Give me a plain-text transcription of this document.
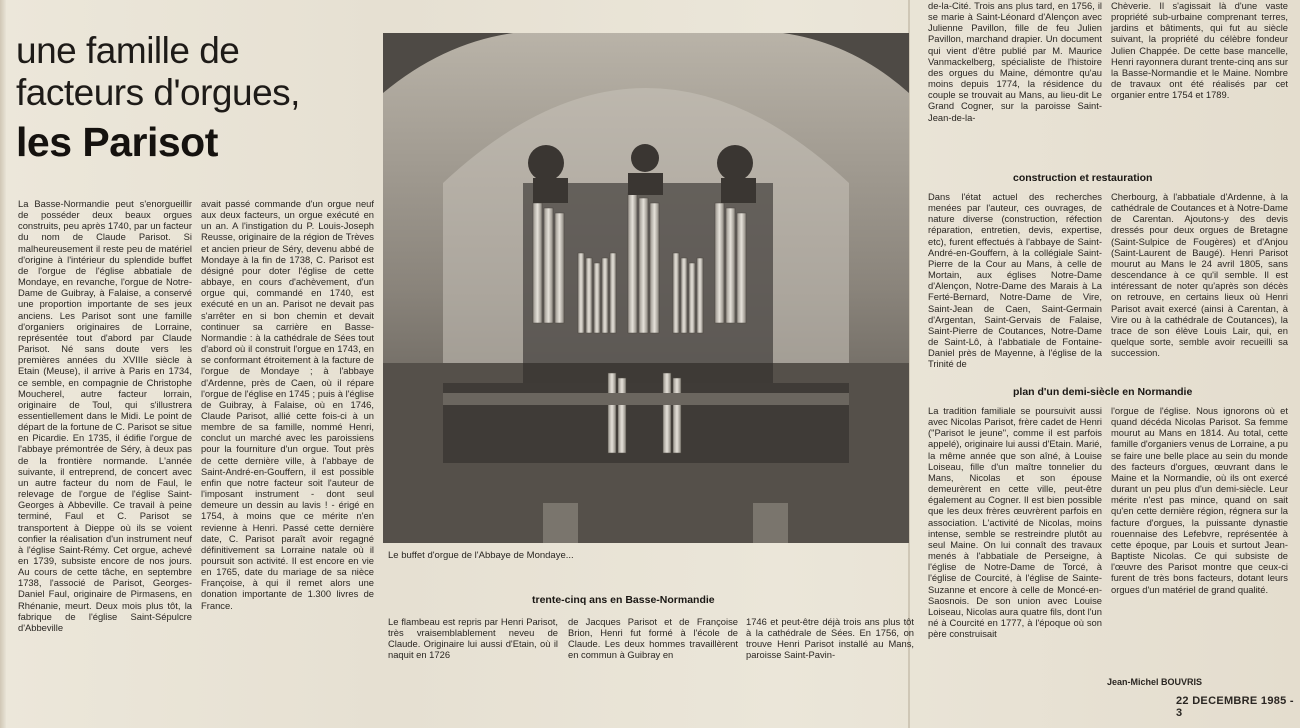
une famille de
facteurs d'orgues,
les Parisot

La Basse-Normandie peut s'enorgueillir de posséder deux beaux orgues construits, peu après 1740, par un facteur du nom de Claude Parisot. Si malheureusement il reste peu de matériel d'origine à l'intérieur du splendide buffet de l'orgue de l'église abbatiale de Mondaye, en revanche, l'orgue de Notre-Dame de Guibray, à Falaise, a conservé une proportion importante de ses jeux anciens. Les Parisot sont une famille d'organiers originaires de Lorraine, représentée tout d'abord par Claude Parisot. Né sans doute vers les premières années du XVIIIe siècle à Etain (Meuse), il arrive à Paris en 1734, ce semble, en compagnie de Christophe Moucherel, autre facteur lorrain, originaire de Toul, qui s'illustrera essentiellement dans le Midi. Le point de départ de la fortune de C. Parisot se situe en Picardie. En 1735, il édifie l'orgue de l'abbaye prémontrée de Séry, à deux pas de la frontière normande. L'année suivante, il entreprend, de concert avec un autre facteur du nom de Faul, le relevage de l'orgue de l'église Saint-Georges à Abbeville. Ce travail à peine terminé, Faul et C. Parisot se transportent à Dieppe où ils se voient confier la réalisation d'un instrument neuf à l'église Saint-Rémy. Cet orgue, achevé en 1739, subsiste encore de nos jours. Au cours de cette tâche, en septembre 1738, l'associé de Parisot, Georges-Daniel Faul, originaire de Pirmasens, en Rhénanie, meurt. Deux mois plus tôt, la fabrique de l'église Saint-Sépulcre d'Abbeville

avait passé commande d'un orgue neuf aux deux facteurs, un orgue exécuté en un an. A l'instigation du P. Louis-Joseph Reusse, originaire de la région de Trèves et ancien prieur de Séry, devenu abbé de Mondaye à la fin de 1738, C. Parisot est désigné pour doter l'église de cette abbaye, en cours d'achèvement, d'un orgue qui, commandé en 1740, est exécuté en un an. Parisot ne devait pas s'arrêter en si bon chemin et devait continuer sa carrière en Basse-Normandie : à la cathédrale de Sées tout d'abord où il construit l'orgue en 1743, en se conformant étroitement à la facture de l'orgue de Mondaye ; à l'abbaye d'Ardenne, près de Caen, où il répare l'orgue de l'église en 1745 ; puis à l'église de Guibray, à Falaise, où en 1746, Claude Parisot, allié cette fois-ci à un membre de sa famille, nommé Henri, conclut un marché avec les paroissiens pour la fourniture d'un orgue. Tout près de cette dernière ville, à l'abbaye de Saint-André-en-Gouffern, il est possible enfin que notre facteur soit l'auteur de l'imposant instrument - dont seul demeure un dessin au lavis ! - érigé en 1754, à moins que ce mérite n'en revienne à Henri. Passé cette dernière date, C. Parisot paraît avoir regagné définitivement sa Lorraine natale où il poursuit son activité. Il est encore en vie en 1765, date du mariage de sa nièce Françoise, à qui il remet alors une donation importante de 1.300 livres de France.

Le buffet d'orgue de l'Abbaye de Mondaye...

trente-cinq ans en Basse-Normandie

Le flambeau est repris par Henri Parisot, très vraisemblablement neveu de Claude. Originaire lui aussi d'Etain, où il naquit en 1726

de Jacques Parisot et de Françoise Brion, Henri fut formé à l'école de Claude. Les deux hommes travaillèrent en commun à Guibray en

1746 et peut-être déjà trois ans plus tôt à la cathédrale de Sées. En 1756, on trouve Henri Parisot installé au Mans, paroisse Saint-Pavin-

de-la-Cité. Trois ans plus tard, en 1756, il se marie à Saint-Léonard d'Alençon avec Julienne Pavillon, fille de feu Julien Pavillon, marchand drapier. Un document qui vient d'être publié par M. Maurice Vanmackelberg, spécialiste de l'histoire des orgues du Maine, démontre qu'au moins depuis 1774, la résidence du couple se trouvait au Mans, au lieu-dit Le Grand Cogner, sur la paroisse Saint-Jean-de-la-

Chèverie. Il s'agissait là d'une vaste propriété sub-urbaine comprenant terres, jardins et bâtiments, qui fut au siècle suivant, la propriété du célèbre fondeur Julien Chappée. De cette base mancelle, Henri rayonnera durant trente-cinq ans sur la Basse-Normandie et le Maine. Nombre de travaux ont été réalisés par cet organier entre 1754 et 1789.

construction et restauration

Dans l'état actuel des recherches menées par l'auteur, ces ouvrages, de nature diverse (construction, réfection réparation, entretien, devis, expertise, etc), furent effectués à l'abbaye de Saint-André-en-Gouffern, à la collégiale Saint-Pierre de la Cour au Mans, à celle de Mortain, aux églises Notre-Dame d'Alençon, Notre-Dame des Marais à La Ferté-Bernard, Notre-Dame de Vire, Saint-Jean de Caen, Saint-Germain d'Argentan, Saint-Gervais de Falaise, Saint-Pierre de Coutances, Notre-Dame de Saint-Lô, à l'abbatiale de Fontaine-Daniel près de Mayenne, à l'église de la Trinité de

Cherbourg, à l'abbatiale d'Ardenne, à la cathédrale de Coutances et à Notre-Dame de Carentan. Ajoutons-y des devis dressés pour deux orgues de Bretagne (Saint-Sulpice de Fougères) et d'Anjou (Saint-Laurent de Baugé). Henri Parisot mourut au Mans le 24 avril 1805, sans descendance à ce qu'il semble. Il est intéressant de noter qu'après son décès on retrouve, en certains lieux où Henri Parisot avait exercé (ainsi à Carentan, à Vire ou à la cathédrale de Coutances), la trace de son élève Louis Lair, qui, en quelque sorte, semble avoir recueilli sa succession.

plan d'un demi-siècle en Normandie

La tradition familiale se poursuivit aussi avec Nicolas Parisot, frère cadet de Henri ("Parisot le jeune", comme il est parfois appelé), originaire lui aussi d'Etain. Marié, la même année que son aîné, à Louise Loiseau, fille d'un maître tonnelier du Mans, Nicolas et son épouse demeurèrent en cette ville, peut-être également au Cogner. Il est bien possible que les deux frères œuvrèrent parfois en association. L'activité de Nicolas, moins intense, semble se restreindre plutôt au seul Maine. On lui connaît des travaux menés à l'abbatiale de Perseigne, à l'église de Notre-Dame de Torcé, à l'église de Courcité, à l'église de Sainte-Suzanne et encore à celle de Moncé-en-Saosnois. De son union avec Louise Loiseau, Nicolas aura quatre fils, dont l'un né à Courcité en 1777, à l'époque où son père construisait

l'orgue de l'église. Nous ignorons où et quand décéda Nicolas Parisot. Sa femme mourut au Mans en 1814. Au total, cette famille d'organiers venus de Lorraine, a pu se faire une belle place au sein du monde des facteurs d'orgues, œuvrant dans le Maine et la Normandie, où ils ont exercé durant un peu plus d'un demi-siècle. Leur mérite n'est pas mince, quand on sait qu'en cette dernière région, régnera sur la facture d'orgues, la puissante dynastie rouennaise des Lefebvre, représentée à cette époque, par Louis et surtout Jean-Baptiste Nicolas. Ce qui subsiste de l'œuvre des Parisot montre que ceux-ci furent de très bons facteurs, dotant leurs orgues d'un matériel de grand qualité.

Jean-Michel BOUVRIS

22 DECEMBRE 1985 - 3
